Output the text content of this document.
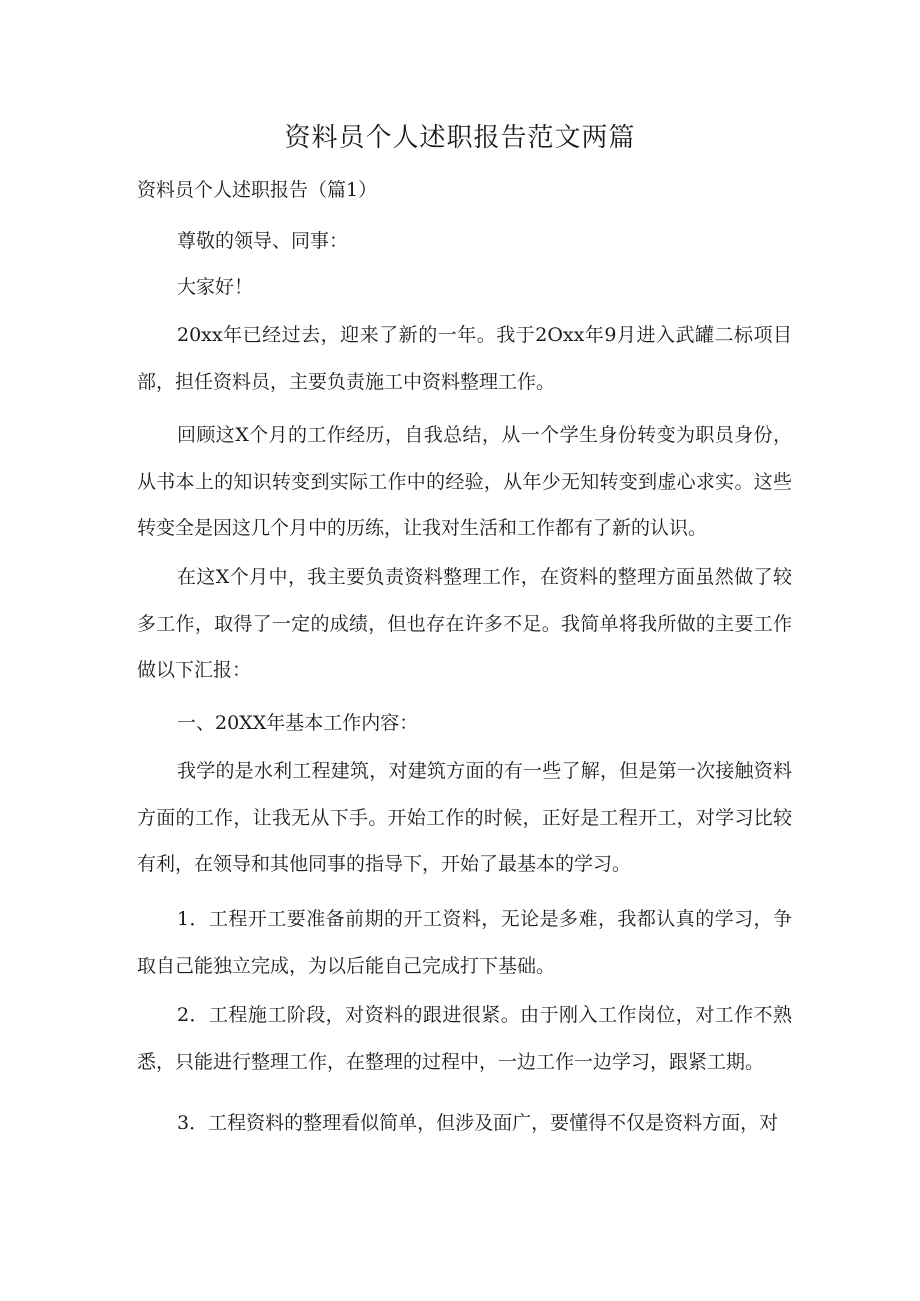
资料员个人述职报告范文两篇
资料员个人述职报告（篇1）

尊敬的领导、同事：

大家好！

20xx年已经过去，迎来了新的一年。我于2Oxx年9月进入武罐二标项目部，担任资料员，主要负责施工中资料整理工作。

回顾这X个月的工作经历，自我总结，从一个学生身份转变为职员身份，从书本上的知识转变到实际工作中的经验，从年少无知转变到虚心求实。这些转变全是因这几个月中的历练，让我对生活和工作都有了新的认识。

在这X个月中，我主要负责资料整理工作，在资料的整理方面虽然做了较多工作，取得了一定的成绩，但也存在许多不足。我简单将我所做的主要工作做以下汇报：

一、20XX年基本工作内容：

我学的是水利工程建筑，对建筑方面的有一些了解，但是第一次接触资料方面的工作，让我无从下手。开始工作的时候，正好是工程开工，对学习比较有利，在领导和其他同事的指导下，开始了最基本的学习。

1．工程开工要准备前期的开工资料，无论是多难，我都认真的学习，争取自己能独立完成，为以后能自己完成打下基础。

2．工程施工阶段，对资料的跟进很紧。由于刚入工作岗位，对工作不熟悉，只能进行整理工作，在整理的过程中，一边工作一边学习，跟紧工期。

3．工程资料的整理看似简单，但涉及面广，要懂得不仅是资料方面，对
